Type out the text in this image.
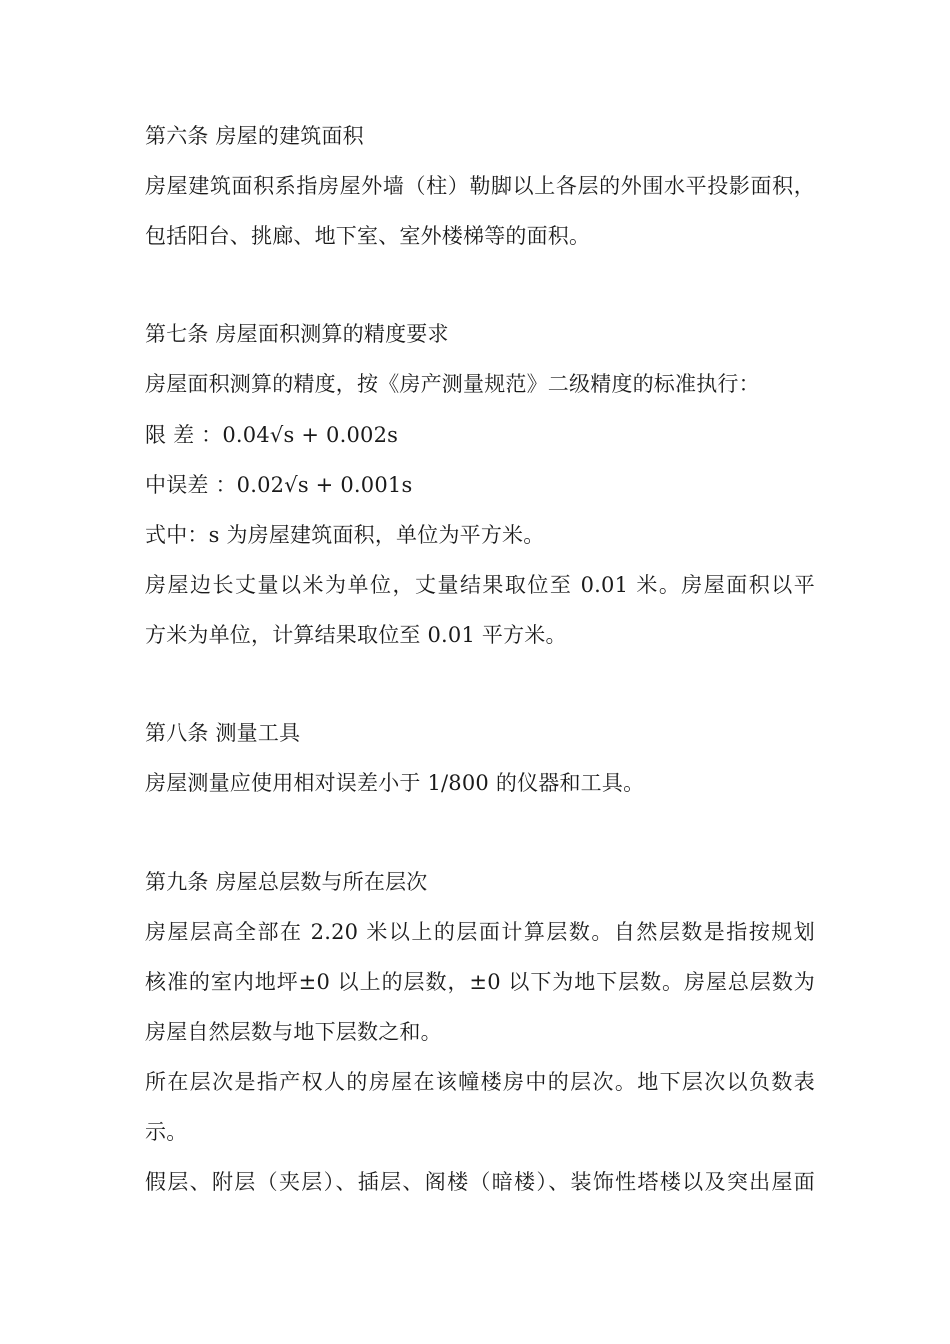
第六条 房屋的建筑面积
房屋建筑面积系指房屋外墙（柱）勒脚以上各层的外围水平投影面积，
包括阳台、挑廊、地下室、室外楼梯等的面积。
第七条 房屋面积测算的精度要求
房屋面积测算的精度，按《房产测量规范》二级精度的标准执行：
限 差 ：0.04√s + 0.002s
中误差 ：0.02√s + 0.001s
式中：s 为房屋建筑面积，单位为平方米。
房屋边长丈量以米为单位，丈量结果取位至 0.01 米。房屋面积以平
方米为单位，计算结果取位至 0.01 平方米。
第八条 测量工具
房屋测量应使用相对误差小于 1/800 的仪器和工具。
第九条 房屋总层数与所在层次
房屋层高全部在 2.20 米以上的层面计算层数。自然层数是指按规划
核准的室内地坪±0 以上的层数，±0 以下为地下层数。房屋总层数为
房屋自然层数与地下层数之和。
所在层次是指产权人的房屋在该幢楼房中的层次。地下层次以负数表
示。
假层、附层（夹层）、插层、阁楼（暗楼）、装饰性塔楼以及突出屋面
